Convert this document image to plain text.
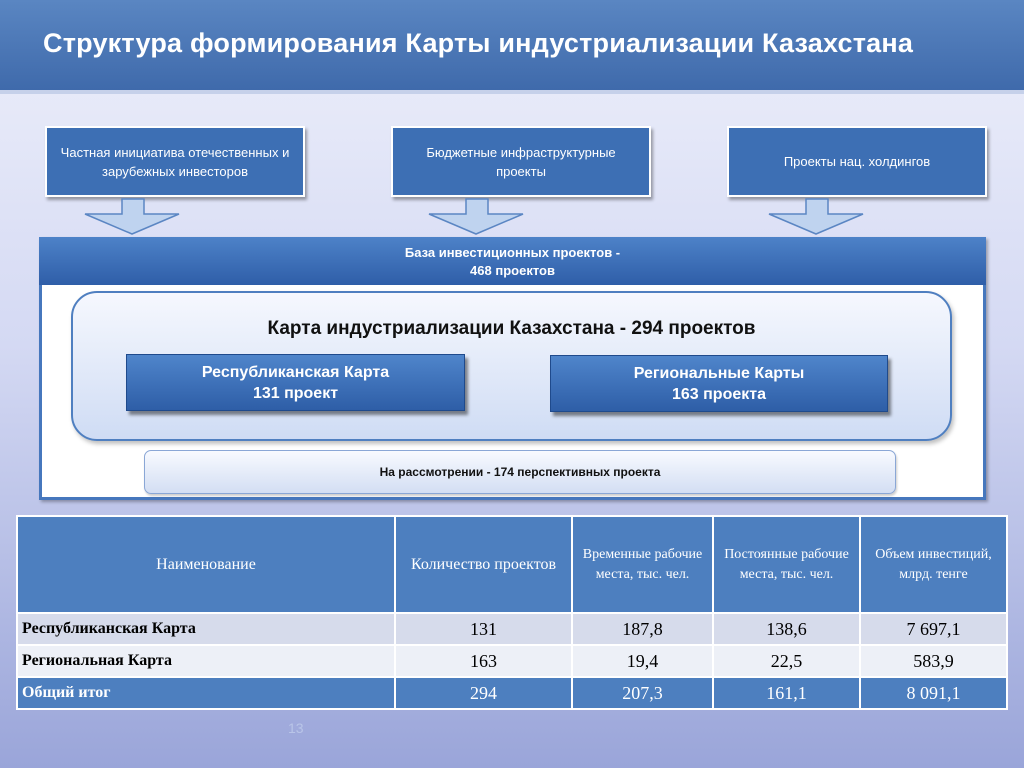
Структура формирования Карты индустриализации Казахстана
Частная инициатива отечественных и зарубежных инвесторов
Бюджетные инфраструктурные проекты
Проекты нац. холдингов
База инвестиционных проектов -
468 проектов
Карта индустриализации Казахстана - 294 проектов
Республиканская Карта
131 проект
Региональные Карты
163 проекта
На рассмотрении - 174 перспективных проекта
Наименование	Количество проектов	Временные рабочие места, тыс. чел.	Постоянные рабочие места, тыс. чел.	Объем инвестиций, млрд. тенге
Республиканская Карта	131	187,8	138,6	7 697,1
Региональная Карта	163	19,4	22,5	583,9
Общий итог	294	207,3	161,1	8 091,1
13
